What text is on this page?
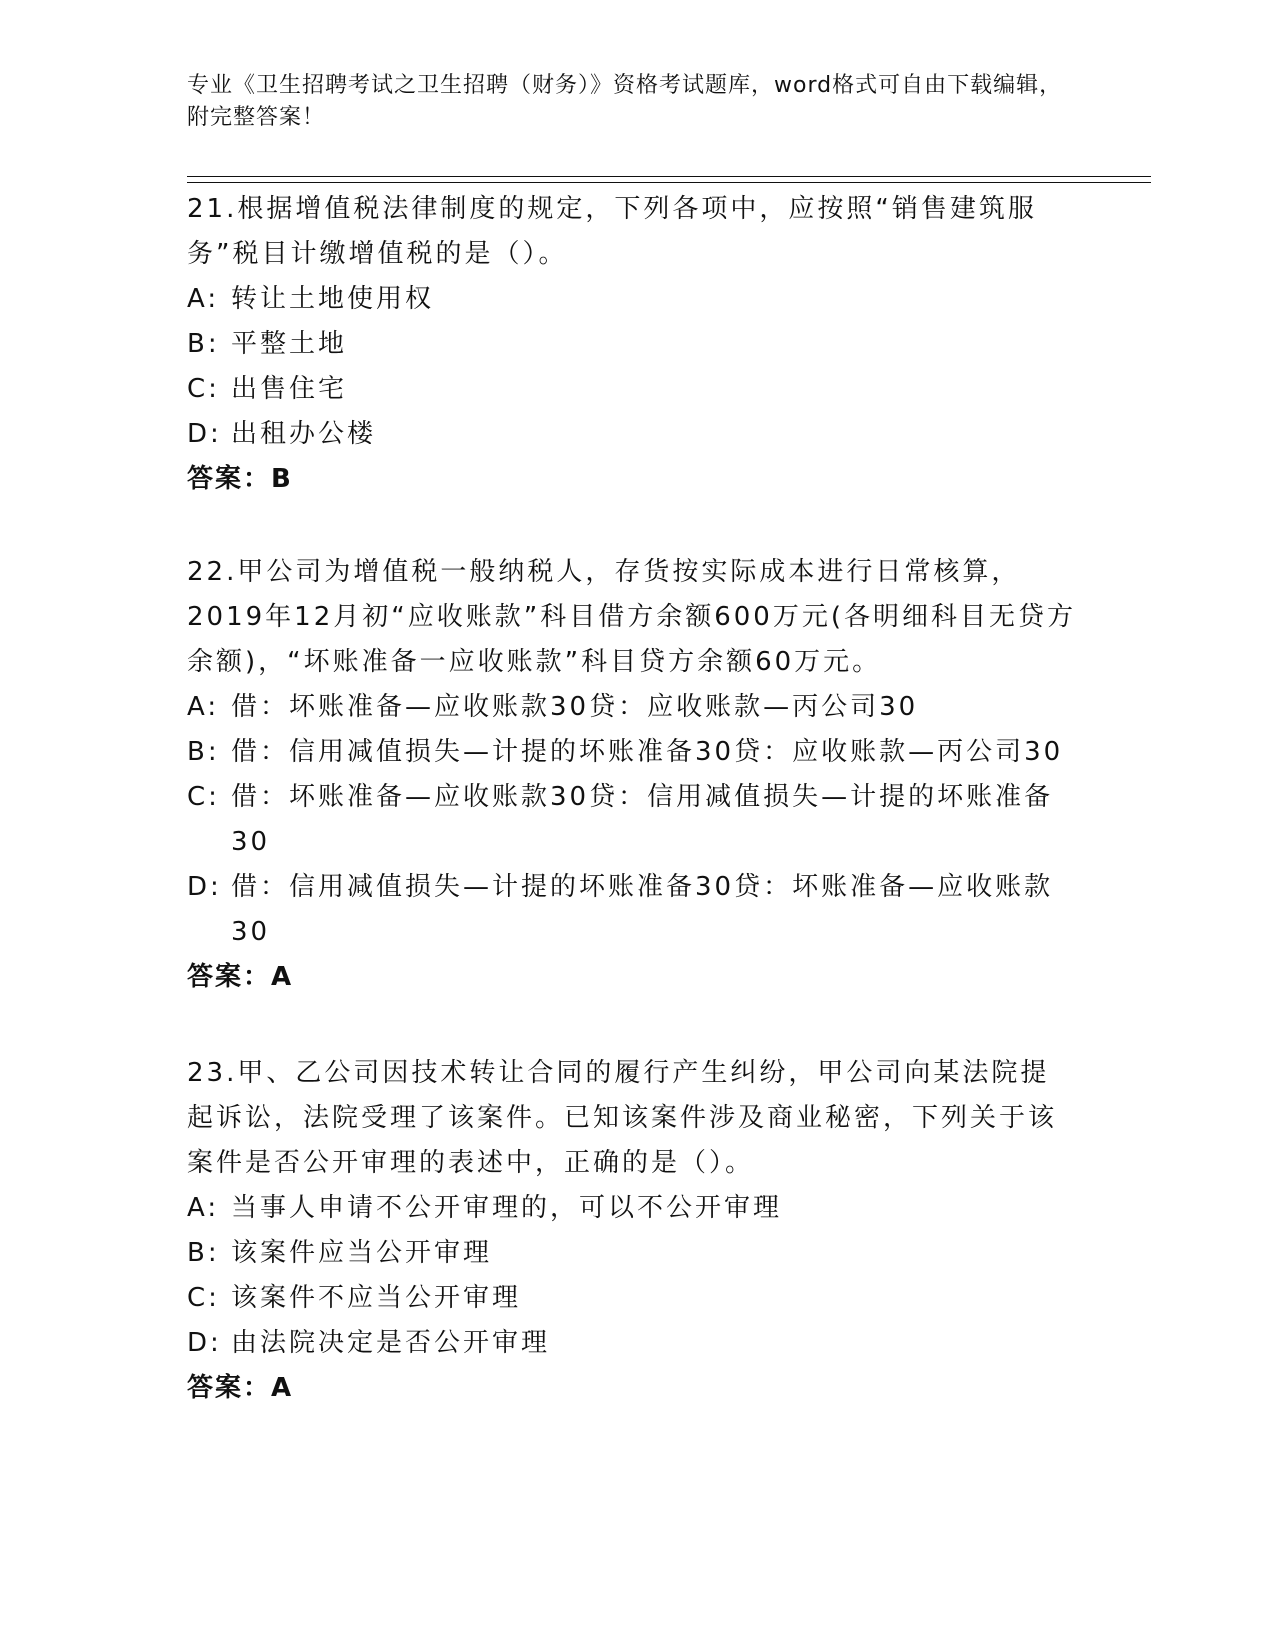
专业《卫生招聘考试之卫生招聘（财务）》资格考试题库，word格式可自由下载编辑，附完整答案！
21.根据增值税法律制度的规定，下列各项中，应按照“销售建筑服务”税目计缴增值税的是（）。
A: 转让土地使用权
B: 平整土地
C: 出售住宅
D: 出租办公楼
答案：B
22.甲公司为增值税一般纳税人，存货按实际成本进行日常核算，2019年12月初“应收账款”科目借方余额600万元(各明细科目无贷方余额)，“坏账准备一应收账款”科目贷方余额60万元。
A: 借：坏账准备—应收账款30贷：应收账款—丙公司30
B: 借：信用减值损失—计提的坏账准备30贷：应收账款—丙公司30
C: 借：坏账准备—应收账款30贷：信用减值损失—计提的坏账准备30
D: 借：信用减值损失—计提的坏账准备30贷：坏账准备—应收账款30
答案：A
23.甲、乙公司因技术转让合同的履行产生纠纷，甲公司向某法院提起诉讼，法院受理了该案件。已知该案件涉及商业秘密，下列关于该案件是否公开审理的表述中，正确的是（）。
A: 当事人申请不公开审理的，可以不公开审理
B: 该案件应当公开审理
C: 该案件不应当公开审理
D: 由法院决定是否公开审理
答案：A
